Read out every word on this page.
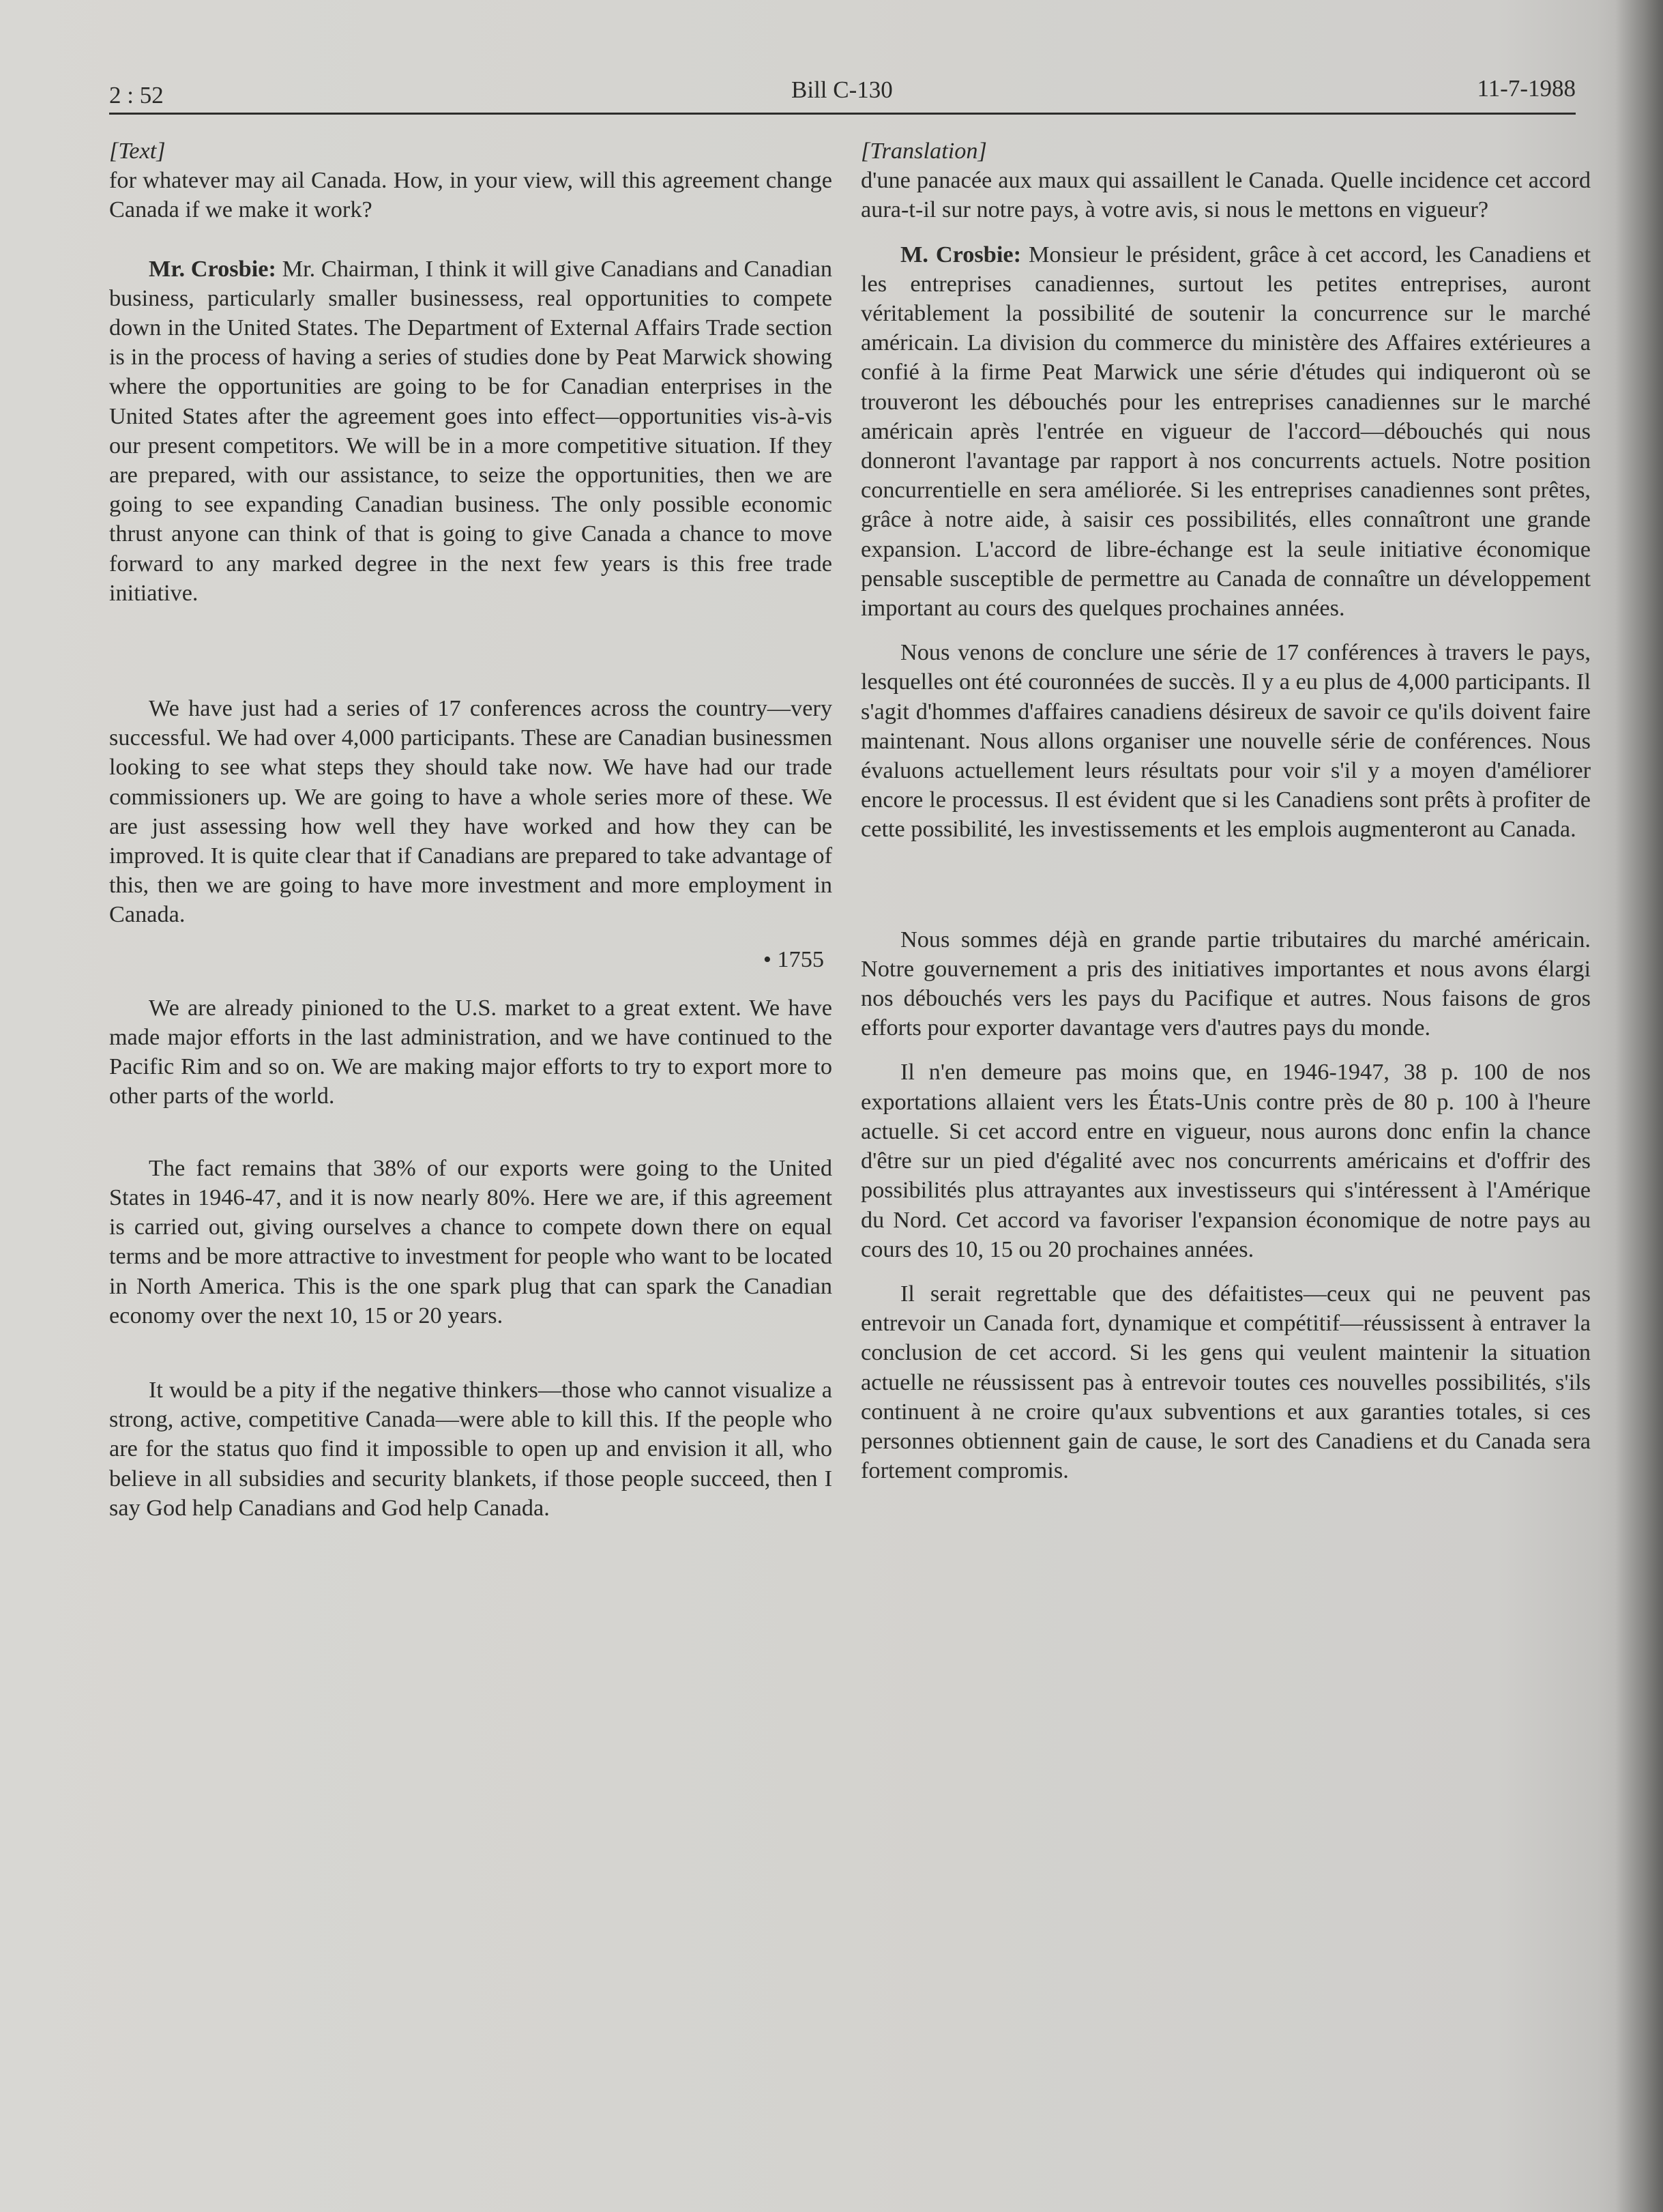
2 : 52	Bill C-130	11-7-1988

[Text]

for whatever may ail Canada. How, in your view, will this agreement change Canada if we make it work?

Mr. Crosbie: Mr. Chairman, I think it will give Canadians and Canadian business, particularly smaller businessess, real opportunities to compete down in the United States. The Department of External Affairs Trade section is in the process of having a series of studies done by Peat Marwick showing where the opportunities are going to be for Canadian enterprises in the United States after the agreement goes into effect—opportunities vis-à-vis our present competitors. We will be in a more competitive situation. If they are prepared, with our assistance, to seize the opportunities, then we are going to see expanding Canadian business. The only possible economic thrust anyone can think of that is going to give Canada a chance to move forward to any marked degree in the next few years is this free trade initiative.

We have just had a series of 17 conferences across the country—very successful. We had over 4,000 participants. These are Canadian businessmen looking to see what steps they should take now. We have had our trade commissioners up. We are going to have a whole series more of these. We are just assessing how well they have worked and how they can be improved. It is quite clear that if Canadians are prepared to take advantage of this, then we are going to have more investment and more employment in Canada.

• 1755

We are already pinioned to the U.S. market to a great extent. We have made major efforts in the last administration, and we have continued to the Pacific Rim and so on. We are making major efforts to try to export more to other parts of the world.

The fact remains that 38% of our exports were going to the United States in 1946-47, and it is now nearly 80%. Here we are, if this agreement is carried out, giving ourselves a chance to compete down there on equal terms and be more attractive to investment for people who want to be located in North America. This is the one spark plug that can spark the Canadian economy over the next 10, 15 or 20 years.

It would be a pity if the negative thinkers—those who cannot visualize a strong, active, competitive Canada—were able to kill this. If the people who are for the status quo find it impossible to open up and envision it all, who believe in all subsidies and security blankets, if those people succeed, then I say God help Canadians and God help Canada.

[Translation]

d'une panacée aux maux qui assaillent le Canada. Quelle incidence cet accord aura-t-il sur notre pays, à votre avis, si nous le mettons en vigueur?

M. Crosbie: Monsieur le président, grâce à cet accord, les Canadiens et les entreprises canadiennes, surtout les petites entreprises, auront véritablement la possibilité de soutenir la concurrence sur le marché américain. La division du commerce du ministère des Affaires extérieures a confié à la firme Peat Marwick une série d'études qui indiqueront où se trouveront les débouchés pour les entreprises canadiennes sur le marché américain après l'entrée en vigueur de l'accord—débouchés qui nous donneront l'avantage par rapport à nos concurrents actuels. Notre position concurrentielle en sera améliorée. Si les entreprises canadiennes sont prêtes, grâce à notre aide, à saisir ces possibilités, elles connaîtront une grande expansion. L'accord de libre-échange est la seule initiative économique pensable susceptible de permettre au Canada de connaître un développement important au cours des quelques prochaines années.

Nous venons de conclure une série de 17 conférences à travers le pays, lesquelles ont été couronnées de succès. Il y a eu plus de 4,000 participants. Il s'agit d'hommes d'affaires canadiens désireux de savoir ce qu'ils doivent faire maintenant. Nous allons organiser une nouvelle série de conférences. Nous évaluons actuellement leurs résultats pour voir s'il y a moyen d'améliorer encore le processus. Il est évident que si les Canadiens sont prêts à profiter de cette possibilité, les investissements et les emplois augmenteront au Canada.

Nous sommes déjà en grande partie tributaires du marché américain. Notre gouvernement a pris des initiatives importantes et nous avons élargi nos débouchés vers les pays du Pacifique et autres. Nous faisons de gros efforts pour exporter davantage vers d'autres pays du monde.

Il n'en demeure pas moins que, en 1946-1947, 38 p. 100 de nos exportations allaient vers les États-Unis contre près de 80 p. 100 à l'heure actuelle. Si cet accord entre en vigueur, nous aurons donc enfin la chance d'être sur un pied d'égalité avec nos concurrents américains et d'offrir des possibilités plus attrayantes aux investisseurs qui s'intéressent à l'Amérique du Nord. Cet accord va favoriser l'expansion économique de notre pays au cours des 10, 15 ou 20 prochaines années.

Il serait regrettable que des défaitistes—ceux qui ne peuvent pas entrevoir un Canada fort, dynamique et compétitif—réussissent à entraver la conclusion de cet accord. Si les gens qui veulent maintenir la situation actuelle ne réussissent pas à entrevoir toutes ces nouvelles possibilités, s'ils continuent à ne croire qu'aux subventions et aux garanties totales, si ces personnes obtiennent gain de cause, le sort des Canadiens et du Canada sera fortement compromis.
